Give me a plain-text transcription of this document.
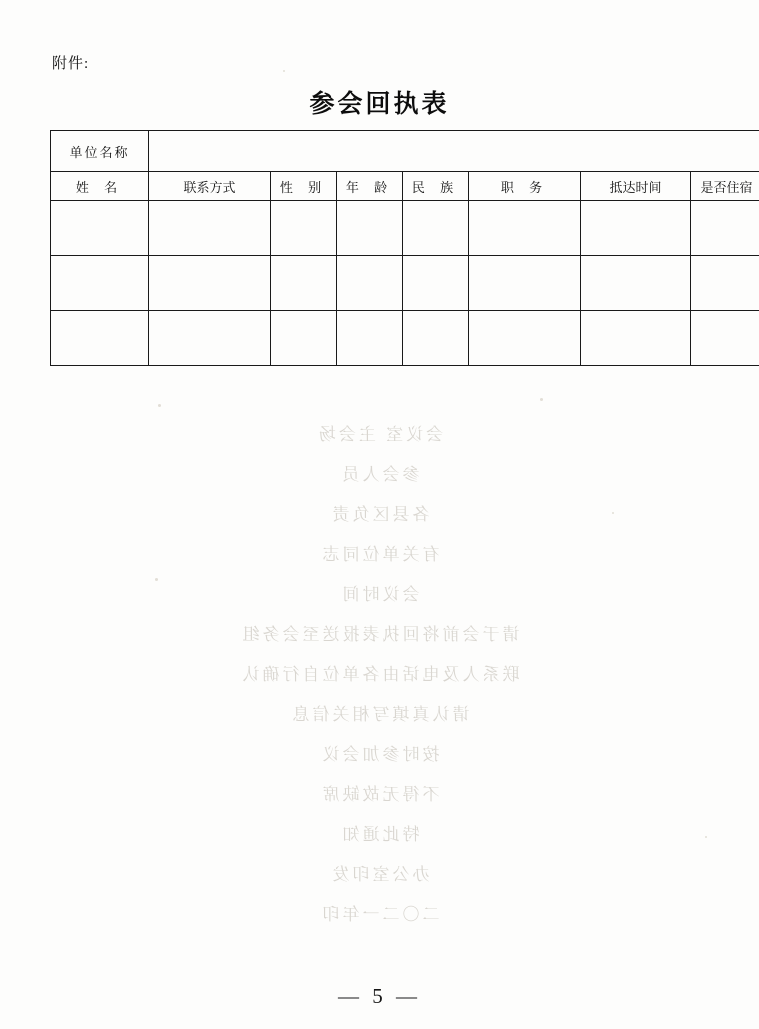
附件:
参会回执表
单位名称							
姓 名	联系方式	性 别	年 龄	民 族	职 务	抵达时间	是否住宿

会议室 主会场
参会人员
各县区负责
有关单位同志
会议时间
请于会前将回执表报送至会务组
联系人及电话由各单位自行确认
请认真填写相关信息
按时参加会议
不得无故缺席
特此通知
办公室印发
二〇二一年印
— 5 —
